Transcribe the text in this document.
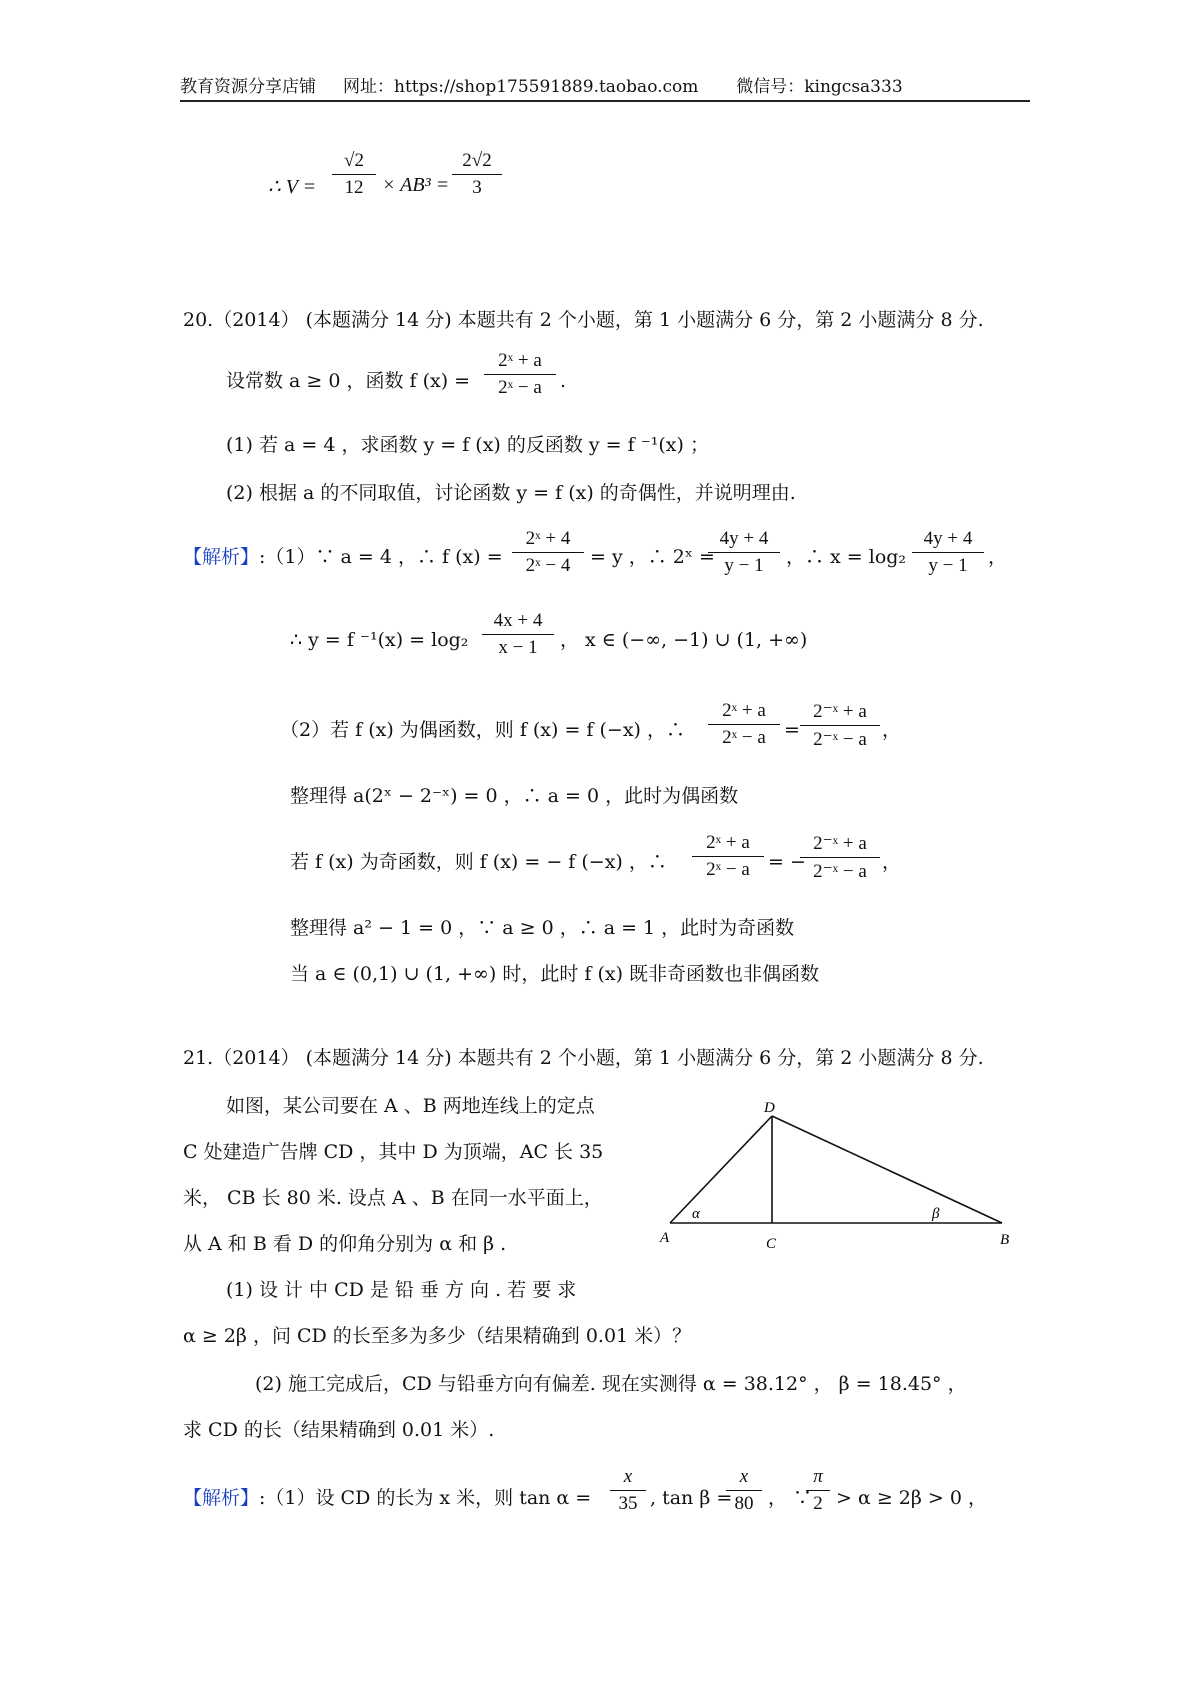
教育资源分享店铺 网址：https://shop175591889.taobao.com 微信号：kingcsa333
∴ $V = \frac{√2}{12} \times AB^3 = \frac{2√2}{3}$
20.（2014） (本题满分 14 分) 本题共有 2 个小题，第 1 小题满分 6 分，第 2 小题满分 8 分.
设常数 a ≥ 0 ，函数 f $(x) = \frac{\text{2ˣ + a}}{\text{2ˣ − a}}$ .
(1) 若 a = 4 ，求函数 y = f (x) 的反函数 y = f ⁻¹(x) ；
(2) 根据 a 的不同取值，讨论函数 y = f (x) 的奇偶性，并说明理由.
【解析】:（1）∵ a = 4 ，∴ f $(x) = \frac{\text{2ˣ + 4}}{\text{2ˣ − 4}} = y$ ，∴ 2ˣ =
$\frac{4y + 4}{y - 1}$ ，∴ $x = \log_2 \frac{4y + 4}{y - 1}$ ，
∴ y = f $^{-1}(x) = \log_2 \frac{4x + 4}{x - 1}$ ， x ∈ (−∞, −1) ∪ (1, +∞)
（2）若 f (x) 为偶函数，则 f (x) = f (−x) ，∴ $\frac{\text{2ˣ + a}}{\text{2ˣ − a}} = \frac{\text{2⁻ˣ + a}}{\text{2⁻ˣ − a}}$ ，
整理得 a(2ˣ − 2⁻ˣ) = 0 ，∴ a = 0 ，此时为偶函数
若 f (x) 为奇函数，则 f (x) = − f (−x) ，∴ $\frac{\text{2ˣ + a}}{\text{2ˣ − a}}$ = −
$\frac{\text{2⁻ˣ + a}}{\text{2⁻ˣ − a}}$ ，
整理得 a² − 1 = 0 ，∵ a ≥ 0 ，∴ a = 1 ，此时为奇函数
当 a ∈ (0,1) ∪ (1, +∞) 时，此时 f (x) 既非奇函数也非偶函数
21.（2014） (本题满分 14 分) 本题共有 2 个小题，第 1 小题满分 6 分，第 2 小题满分 8 分.
如图，某公司要在 A 、B 两地连线上的定点
C 处建造广告牌 CD ，其中 D 为顶端，AC 长 35
米， CB 长 80 米. 设点 A 、B 在同一水平面上，
从 A 和 B 看 D 的仰角分别为 α 和 β .
(1) 设 计 中 CD 是 铅 垂 方 向 . 若 要 求
α ≥ 2β ，问 CD 的长至多为多少（结果精确到 0.01 米）？
(2) 施工完成后，CD 与铅垂方向有偏差. 现在实测得 α = 38.12° ， β = 18.45° ，
求 CD 的长（结果精确到 0.01 米）.
A	C	B
D
α	β
【解析】:（1）设 CD 的长为 x 米，则 $\tan \alpha = \frac{x}{35}$ , tan β =
$\frac{x}{80}$ ， ∵
$\frac{\pi}{2} > \alpha \ge 2\beta > 0$ ，
